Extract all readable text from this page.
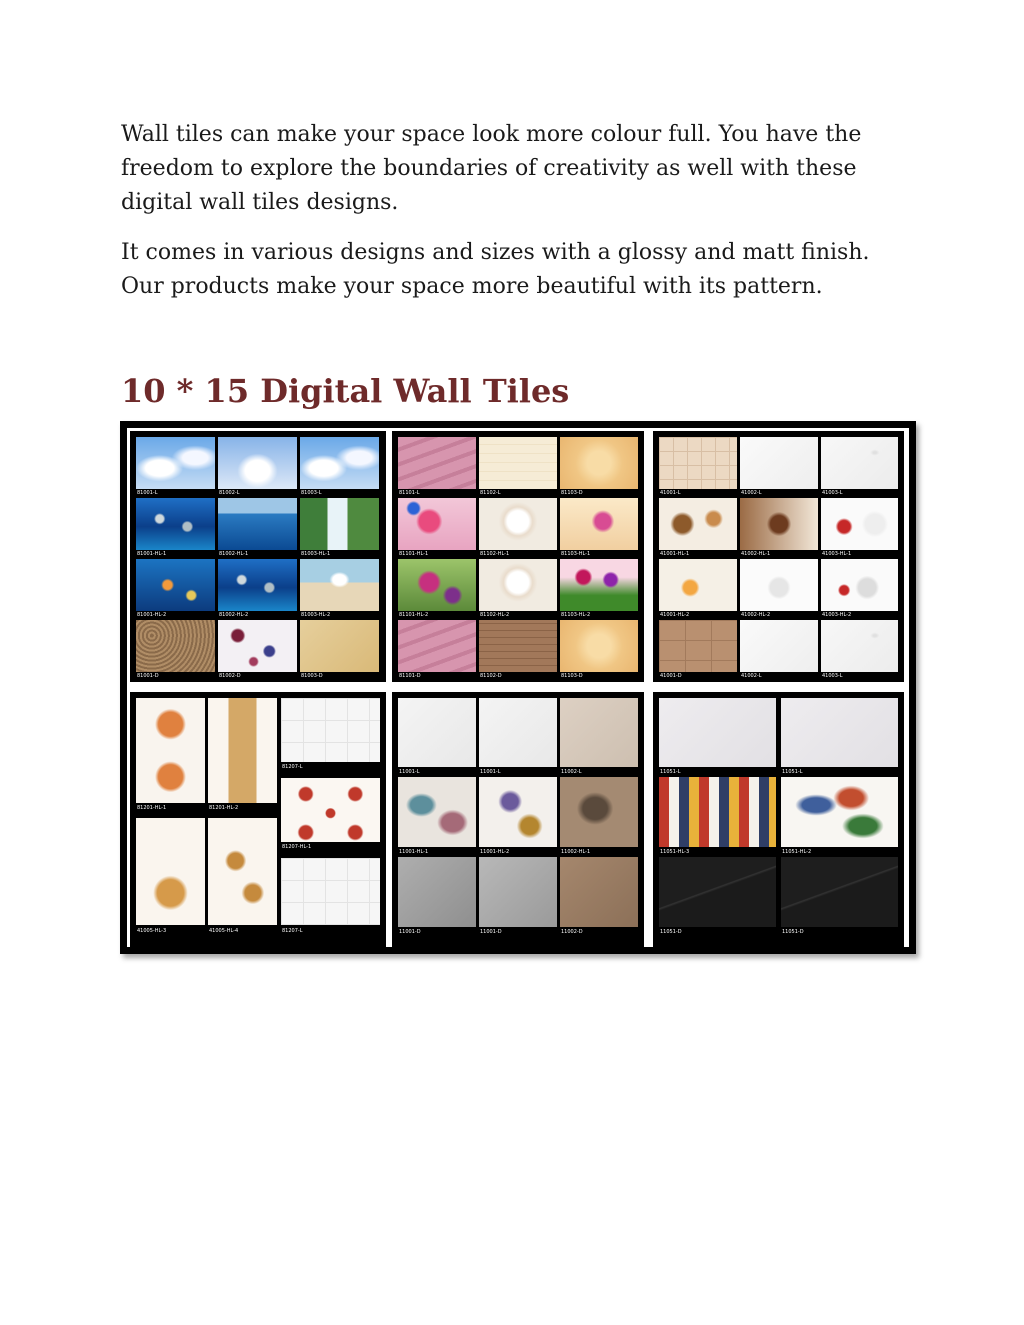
Wall tiles can make your space look more colour full. You have the freedom to explore the boundaries of creativity as well with these digital wall tiles designs.

It comes in various designs and sizes with a glossy and matt finish. Our products make your space more beautiful with its pattern.

10 * 15 Digital Wall Tiles
81001-L	81002-L	81003-L
81001-HL-1	81002-HL-1	81003-HL-1
81001-HL-2	81002-HL-2	81003-HL-2
81001-D	81002-D	81003-D
81101-L	81102-L	81103-D
81101-HL-1	81102-HL-1	81103-HL-1
81101-HL-2	81102-HL-2	81103-HL-2
81101-D	81102-D	81103-D
41001-L	41002-L	41003-L
41001-HL-1	41002-HL-1	41003-HL-1
41001-HL-2	41002-HL-2	41003-HL-2
41001-D	41002-L	41003-L
81201-HL-1	81201-HL-2
81207-L
81207-HL-1
41005-HL-3	41005-HL-4	81207-L
11001-L	11001-L	11002-L
11001-HL-1	11001-HL-2	11002-HL-1
11001-D	11001-D	11002-D
11051-L	11051-L
11051-HL-3	11051-HL-2
11051-D	11051-D
